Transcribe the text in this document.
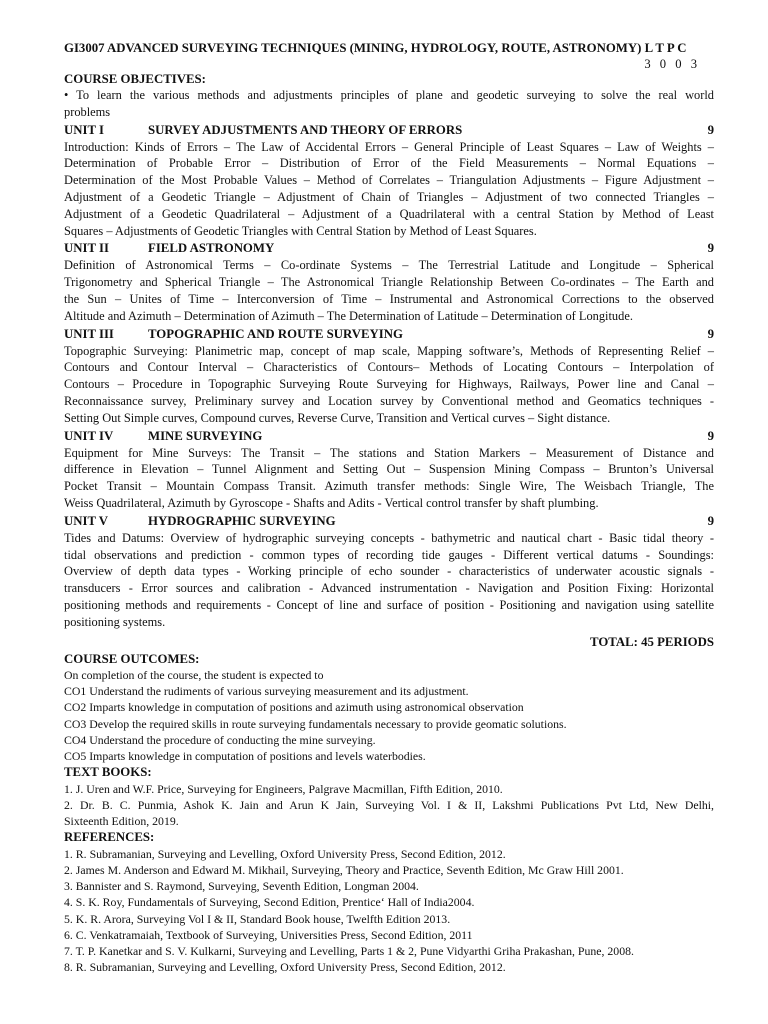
GI3007 ADVANCED SURVEYING TECHNIQUES (MINING, HYDROLOGY, ROUTE, ASTRONOMY) L T P C
3 0 0 3
COURSE OBJECTIVES:
• To learn the various methods and adjustments principles of plane and geodetic surveying to solve the real world
problems
UNIT I	SURVEY ADJUSTMENTS AND THEORY OF ERRORS	9
Introduction: Kinds of Errors – The Law of Accidental Errors – General Principle of Least Squares – Law of Weights –
Determination of Probable Error – Distribution of Error of the Field Measurements – Normal Equations –
Determination of the Most Probable Values – Method of Correlates – Triangulation Adjustments – Figure Adjustment –
Adjustment of a Geodetic Triangle – Adjustment of Chain of Triangles – Adjustment of two connected Triangles –
Adjustment of a Geodetic Quadrilateral – Adjustment of a Quadrilateral with a central Station by Method of Least
Squares – Adjustments of Geodetic Triangles with Central Station by Method of Least Squares.
UNIT II	FIELD ASTRONOMY	9
Definition of Astronomical Terms – Co-ordinate Systems – The Terrestrial Latitude and Longitude – Spherical
Trigonometry and Spherical Triangle – The Astronomical Triangle Relationship Between Co-ordinates – The Earth and
the Sun – Unites of Time – Interconversion of Time – Instrumental and Astronomical Corrections to the observed
Altitude and Azimuth – Determination of Azimuth – The Determination of Latitude – Determination of Longitude.
UNIT III	TOPOGRAPHIC AND ROUTE SURVEYING	9
Topographic Surveying: Planimetric map, concept of map scale, Mapping software’s, Methods of Representing Relief –
Contours and Contour Interval – Characteristics of Contours– Methods of Locating Contours – Interpolation of
Contours – Procedure in Topographic Surveying Route Surveying for Highways, Railways, Power line and Canal –
Reconnaissance survey, Preliminary survey and Location survey by Conventional method and Geomatics techniques -
Setting Out Simple curves, Compound curves, Reverse Curve, Transition and Vertical curves – Sight distance.
UNIT IV	MINE SURVEYING	9
Equipment for Mine Surveys: The Transit – The stations and Station Markers – Measurement of Distance and
difference in Elevation – Tunnel Alignment and Setting Out – Suspension Mining Compass – Brunton’s Universal
Pocket Transit – Mountain Compass Transit. Azimuth transfer methods: Single Wire, The Weisbach Triangle, The
Weiss Quadrilateral, Azimuth by Gyroscope - Shafts and Adits - Vertical control transfer by shaft plumbing.
UNIT V	HYDROGRAPHIC SURVEYING	9
Tides and Datums: Overview of hydrographic surveying concepts - bathymetric and nautical chart - Basic tidal theory -
tidal observations and prediction - common types of recording tide gauges - Different vertical datums - Soundings:
Overview of depth data types - Working principle of echo sounder - characteristics of underwater acoustic signals -
transducers - Error sources and calibration - Advanced instrumentation - Navigation and Position Fixing: Horizontal
positioning methods and requirements - Concept of line and surface of position - Positioning and navigation using satellite
positioning systems.
TOTAL: 45 PERIODS
COURSE OUTCOMES:
On completion of the course, the student is expected to
CO1 Understand the rudiments of various surveying measurement and its adjustment.
CO2 Imparts knowledge in computation of positions and azimuth using astronomical observation
CO3 Develop the required skills in route surveying fundamentals necessary to provide geomatic solutions.
CO4 Understand the procedure of conducting the mine surveying.
CO5 Imparts knowledge in computation of positions and levels waterbodies.
TEXT BOOKS:
1. J. Uren and W.F. Price, Surveying for Engineers, Palgrave Macmillan, Fifth Edition, 2010.
2. Dr. B. C. Punmia, Ashok K. Jain and Arun K Jain, Surveying Vol. I & II, Lakshmi Publications Pvt Ltd, New Delhi,
Sixteenth Edition, 2019.
REFERENCES:
1. R. Subramanian, Surveying and Levelling, Oxford University Press, Second Edition, 2012.
2. James M. Anderson and Edward M. Mikhail, Surveying, Theory and Practice, Seventh Edition, Mc Graw Hill 2001.
3. Bannister and S. Raymond, Surveying, Seventh Edition, Longman 2004.
4. S. K. Roy, Fundamentals of Surveying, Second Edition, Prentice‘ Hall of India2004.
5. K. R. Arora, Surveying Vol I & II, Standard Book house, Twelfth Edition 2013.
6. C. Venkatramaiah, Textbook of Surveying, Universities Press, Second Edition, 2011
7. T. P. Kanetkar and S. V. Kulkarni, Surveying and Levelling, Parts 1 & 2, Pune Vidyarthi Griha Prakashan, Pune, 2008.
8. R. Subramanian, Surveying and Levelling, Oxford University Press, Second Edition, 2012.
